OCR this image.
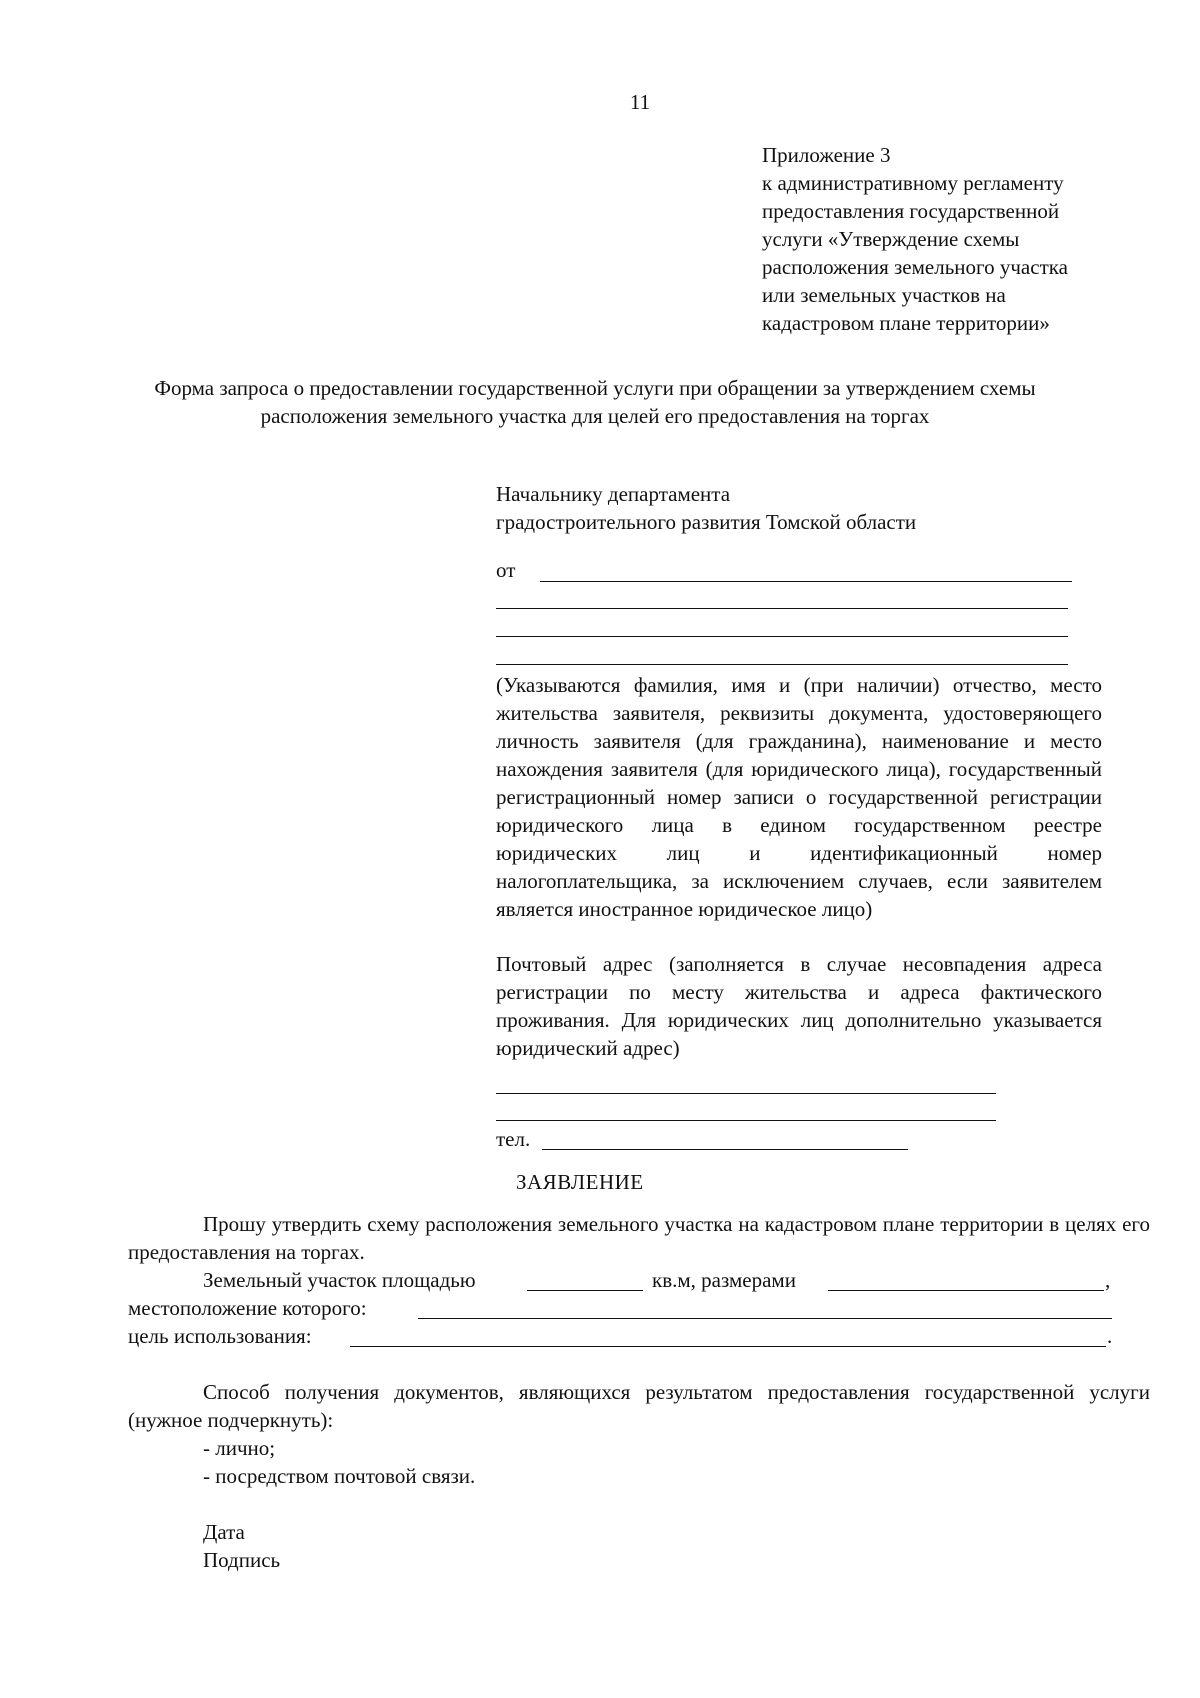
11
Приложение 3
к административному регламенту
предоставления государственной
услуги «Утверждение схемы
расположения земельного участка
или земельных участков на
кадастровом плане территории»
Форма запроса о предоставлении государственной услуги при обращении за утверждением схемы расположения земельного участка для целей его предоставления на торгах
Начальнику департамента
градостроительного развития Томской области
от

(Указываются фамилия, имя и (при наличии) отчество, место жительства заявителя, реквизиты документа, удостоверяющего личность заявителя (для гражданина), наименование и место нахождения заявителя (для юридического лица), государственный регистрационный номер записи о государственной регистрации юридического лица в едином государственном реестре юридических лиц и идентификационный номер налогоплательщика, за исключением случаев, если заявителем является иностранное юридическое лицо)

Почтовый адрес (заполняется в случае несовпадения адреса регистрации по месту жительства и адреса фактического проживания. Для юридических лиц дополнительно указывается юридический адрес)

тел.
ЗАЯВЛЕНИЕ

Прошу утвердить схему расположения земельного участка на кадастровом плане территории в целях его предоставления на торгах.

Земельный участок площадью	кв.м, размерами	,
местоположение которого:
цель использования:	.

Способ получения документов, являющихся результатом предоставления государственной услуги (нужное подчеркнуть):

- лично;
- посредством почтовой связи.
Дата
Подпись
